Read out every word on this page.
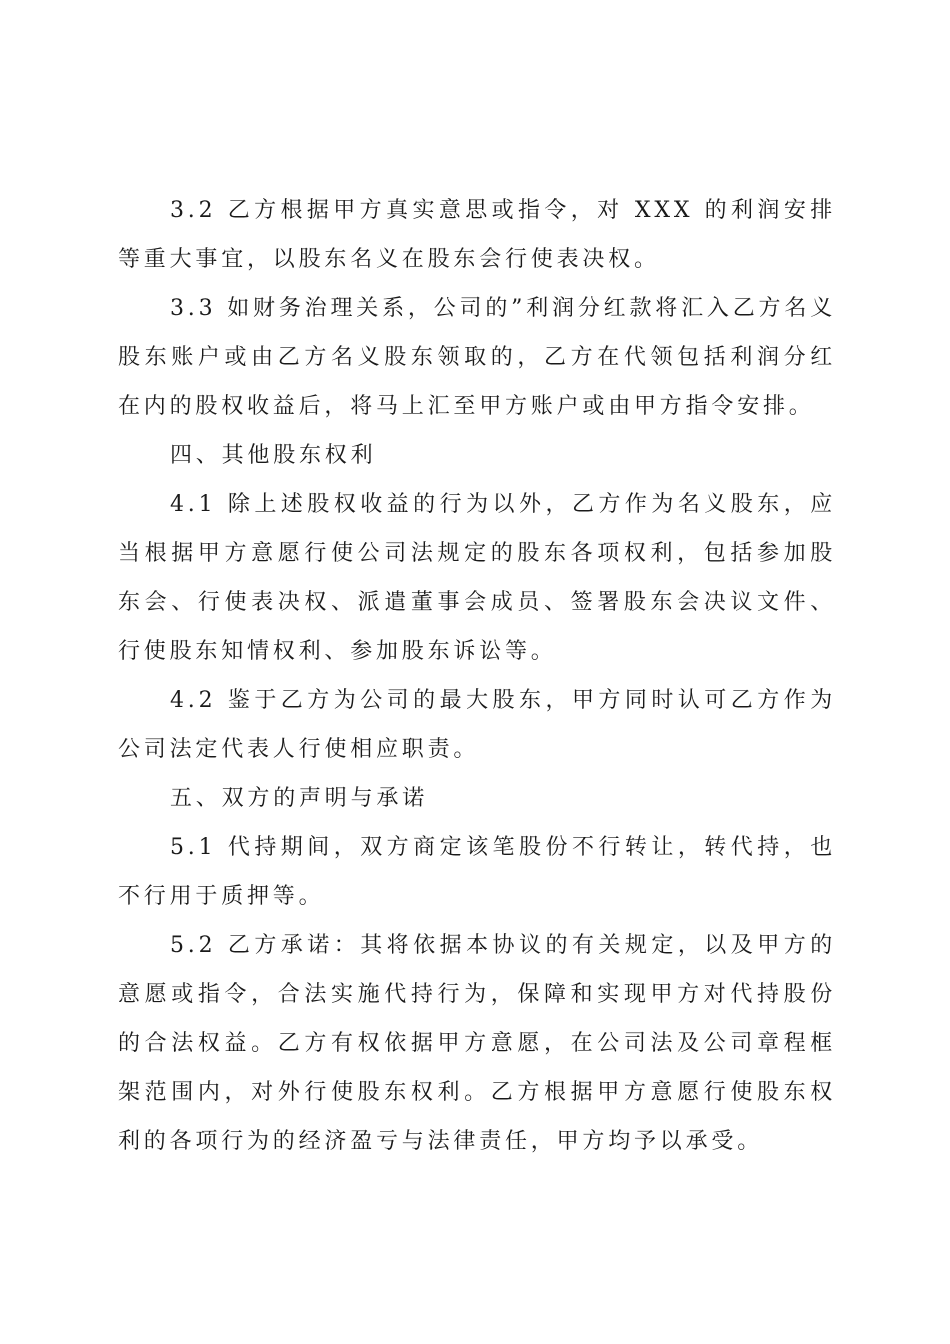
3.2 乙方根据甲方真实意思或指令，对 XXX 的利润安排等重大事宜，以股东名义在股东会行使表决权。

3.3 如财务治理关系，公司的”利润分红款将汇入乙方名义股东账户或由乙方名义股东领取的，乙方在代领包括利润分红在内的股权收益后，将马上汇至甲方账户或由甲方指令安排。

四、其他股东权利

4.1 除上述股权收益的行为以外，乙方作为名义股东，应当根据甲方意愿行使公司法规定的股东各项权利，包括参加股东会、行使表决权、派遣董事会成员、签署股东会决议文件、行使股东知情权利、参加股东诉讼等。

4.2 鉴于乙方为公司的最大股东，甲方同时认可乙方作为公司法定代表人行使相应职责。

五、双方的声明与承诺

5.1 代持期间，双方商定该笔股份不行转让，转代持，也不行用于质押等。

5.2 乙方承诺：其将依据本协议的有关规定，以及甲方的意愿或指令，合法实施代持行为，保障和实现甲方对代持股份的合法权益。乙方有权依据甲方意愿，在公司法及公司章程框架范围内，对外行使股东权利。乙方根据甲方意愿行使股东权利的各项行为的经济盈亏与法律责任，甲方均予以承受。
